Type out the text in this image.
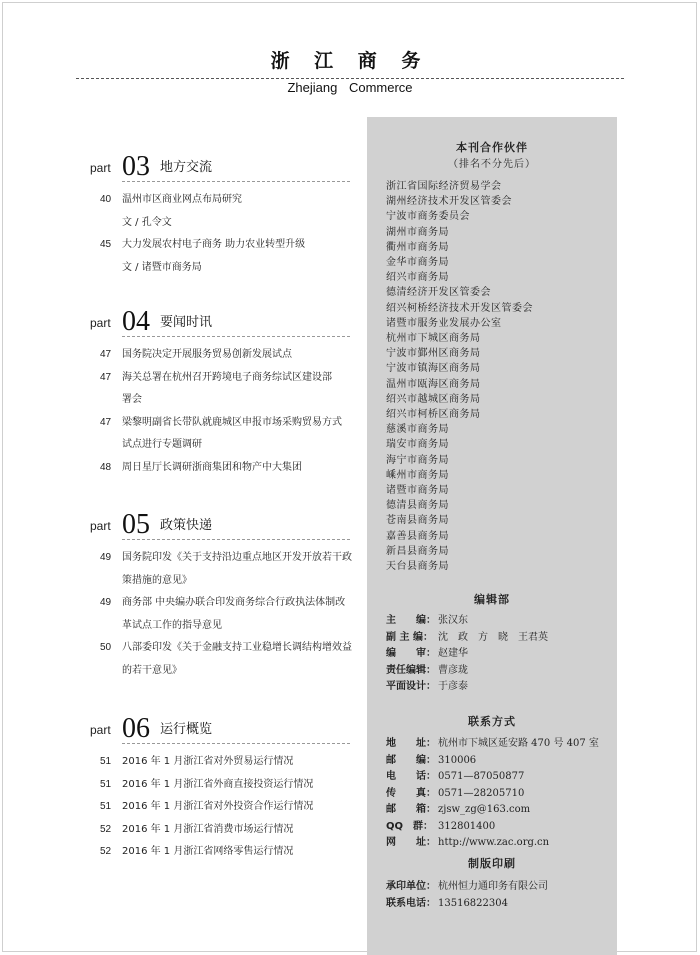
浙 江 商 务
Zhejiang Commerce
part 03 地方交流
40 温州市区商业网点布局研究
文 / 孔令文
45 大力发展农村电子商务 助力农业转型升级
文 / 诸暨市商务局
part 04 要闻时讯
47 国务院决定开展服务贸易创新发展试点
47 海关总署在杭州召开跨境电子商务综试区建设部
署会
47 梁黎明副省长带队就鹿城区申报市场采购贸易方式
试点进行专题调研
48 周日星厅长调研浙商集团和物产中大集团
part 05 政策快递
49 国务院印发《关于支持沿边重点地区开发开放若干政
策措施的意见》
49 商务部 中央编办联合印发商务综合行政执法体制改
革试点工作的指导意见
50 八部委印发《关于金融支持工业稳增长调结构增效益
的若干意见》
part 06 运行概览
51 2016 年 1 月浙江省对外贸易运行情况
51 2016 年 1 月浙江省外商直接投资运行情况
51 2016 年 1 月浙江省对外投资合作运行情况
52 2016 年 1 月浙江省消费市场运行情况
52 2016 年 1 月浙江省网络零售运行情况
本刊合作伙伴
（排名不分先后）
浙江省国际经济贸易学会
湖州经济技术开发区管委会
宁波市商务委员会
湖州市商务局
衢州市商务局
金华市商务局
绍兴市商务局
德清经济开发区管委会
绍兴柯桥经济技术开发区管委会
诸暨市服务业发展办公室
杭州市下城区商务局
宁波市鄞州区商务局
宁波市镇海区商务局
温州市瓯海区商务局
绍兴市越城区商务局
绍兴市柯桥区商务局
慈溪市商务局
瑞安市商务局
海宁市商务局
嵊州市商务局
诸暨市商务局
德清县商务局
苍南县商务局
嘉善县商务局
新昌县商务局
天台县商务局
编辑部
主　　编： 张汉东
副 主 编： 沈　政　方　晓　王君英
编　　审： 赵建华
责任编辑： 曹彦珑
平面设计： 于彦泰
联系方式
地　　址： 杭州市下城区延安路 470 号 407 室
邮　　编： 310006
电　　话： 0571—87050877
传　　真： 0571—28205710
邮　　箱： zjsw_zg@163.com
QQ　群： 312801400
网　　址： http://www.zac.org.cn
制版印刷
承印单位： 杭州恒力通印务有限公司
联系电话： 13516822304
